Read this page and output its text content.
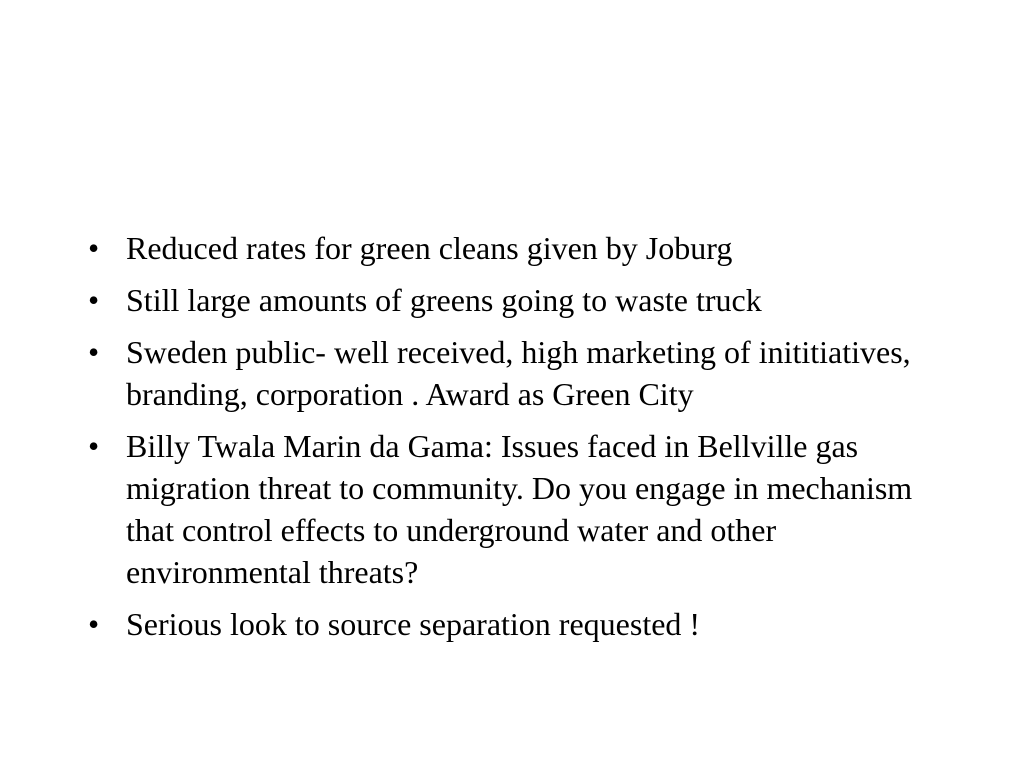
• Reduced rates for green cleans given by Joburg
• Still large amounts of greens going to waste truck
• Sweden public- well received, high marketing of inititiatives, branding, corporation . Award as Green City
• Billy Twala Marin da Gama: Issues faced in Bellville gas migration threat to community. Do you engage in mechanism that control effects to underground water and other environmental threats?
• Serious look to source separation requested !
